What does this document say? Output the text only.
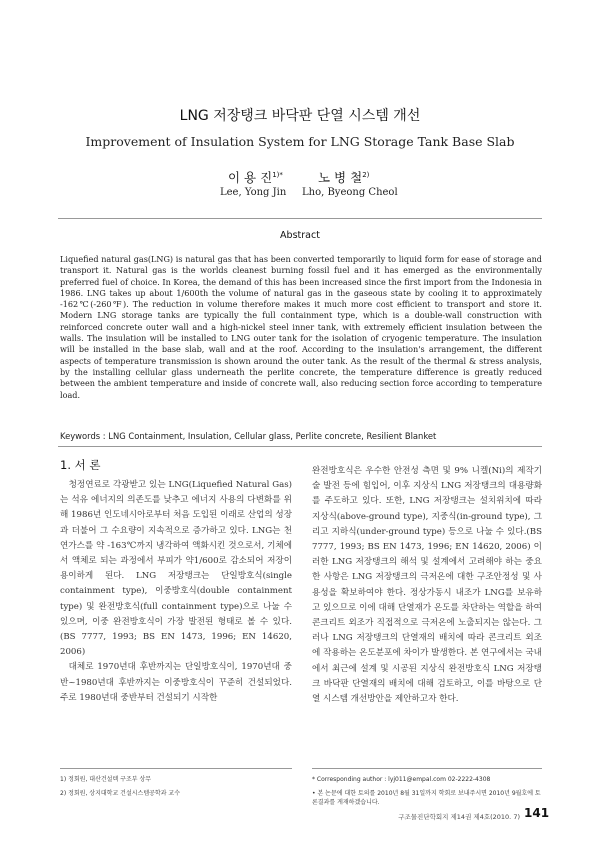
LNG 저장탱크 바닥판 단열 시스템 개선
Improvement of Insulation System for LNG Storage Tank Base Slab
이 용 진$^{1)*}$	노 병 철$^{2)}$
Lee, Yong Jin Lho, Byeong Cheol
Abstract
Liquefied natural gas(LNG) is natural gas that has been converted temporarily to liquid form for ease of storage and transport it. Natural gas is the worlds cleanest burning fossil fuel and it has emerged as the environmentally preferred fuel of choice. In Korea, the demand of this has been increased since the first import from the Indonesia in 1986. LNG takes up about 1/600th the volume of natural gas in the gaseous state by cooling it to approximately -162℃(-260℉). The reduction in volume therefore makes it much more cost efficient to transport and store it. Modern LNG storage tanks are typically the full containment type, which is a double-wall construction with reinforced concrete outer wall and a high-nickel steel inner tank, with extremely efficient insulation between the walls. The insulation will be installed to LNG outer tank for the isolation of cryogenic temperature. The insulation will be installed in the base slab, wall and at the roof. According to the insulation's arrangement, the different aspects of temperature transmission is shown around the outer tank. As the result of the thermal & stress analysis, by the installing cellular glass underneath the perlite concrete, the temperature difference is greatly reduced between the ambient temperature and inside of concrete wall, also reducing section force according to temperature load.
Keywords : LNG Containment, Insulation, Cellular glass, Perlite concrete, Resilient Blanket
1. 서 론

청정연료로 각광받고 있는 LNG(Liquefied Natural Gas)는 석유 에너지의 의존도를 낮추고 에너지 사용의 다변화를 위해 1986년 인도네시아로부터 처음 도입된 이래로 산업의 성장과 더불어 그 수요량이 지속적으로 증가하고 있다. LNG는 천연가스를 약 -163℃까지 냉각하여 액화시킨 것으로서, 기체에서 액체로 되는 과정에서 부피가 약1/600로 감소되어 저장이 용이하게 된다. LNG 저장탱크는 단일방호식(single containment type), 이중방호식(double containment type) 및 완전방호식(full containment type)으로 나눌 수 있으며, 이중 완전방호식이 가장 발전된 형태로 볼 수 있다.(BS 7777, 1993; BS EN 1473, 1996; EN 14620, 2006)

대체로 1970년대 후반까지는 단일방호식이, 1970년대 중반~1980년대 후반까지는 이중방호식이 꾸준히 건설되었다. 주로 1980년대 중반부터 건설되기 시작한

완전방호식은 우수한 안전성 측면 및 9% 니켈(Ni)의 제작기술 발전 등에 힘입어, 이후 지상식 LNG 저장탱크의 대용량화를 주도하고 있다. 또한, LNG 저장탱크는 설치위치에 따라 지상식(above-ground type), 지중식(in-ground type), 그리고 지하식(under-ground type) 등으로 나눌 수 있다.(BS 7777, 1993; BS EN 1473, 1996; EN 14620, 2006) 이러한 LNG 저장탱크의 해석 및 설계에서 고려해야 하는 중요한 사항은 LNG 저장탱크의 극저온에 대한 구조안정성 및 사용성을 확보하여야 한다. 정상가동시 내조가 LNG를 보유하고 있으므로 이에 대해 단열재가 온도를 차단하는 역할을 하여 콘크리트 외조가 직접적으로 극저온에 노출되지는 않는다. 그러나 LNG 저장탱크의 단열재의 배치에 따라 콘크리트 외조에 작용하는 온도분포에 차이가 발생한다. 본 연구에서는 국내에서 최근에 설계 및 시공된 지상식 완전방호식 LNG 저장탱크 바닥판 단열재의 배치에 대해 검토하고, 이를 바탕으로 단열 시스템 개선방안을 제안하고자 한다.

1) 정회원, 대산건설텍 구조부 상무
2) 정회원, 상지대학교 건설시스템공학과 교수
* Corresponding author : lyj011@empal.com 02-2222-4308
• 본 논문에 대한 토의를 2010년 8월 31일까지 학회로 보내주시면 2010년 9월호에 토론결과를 게재하겠습니다.
구조물진단학회지 제14권 제4호(2010. 7) 141
